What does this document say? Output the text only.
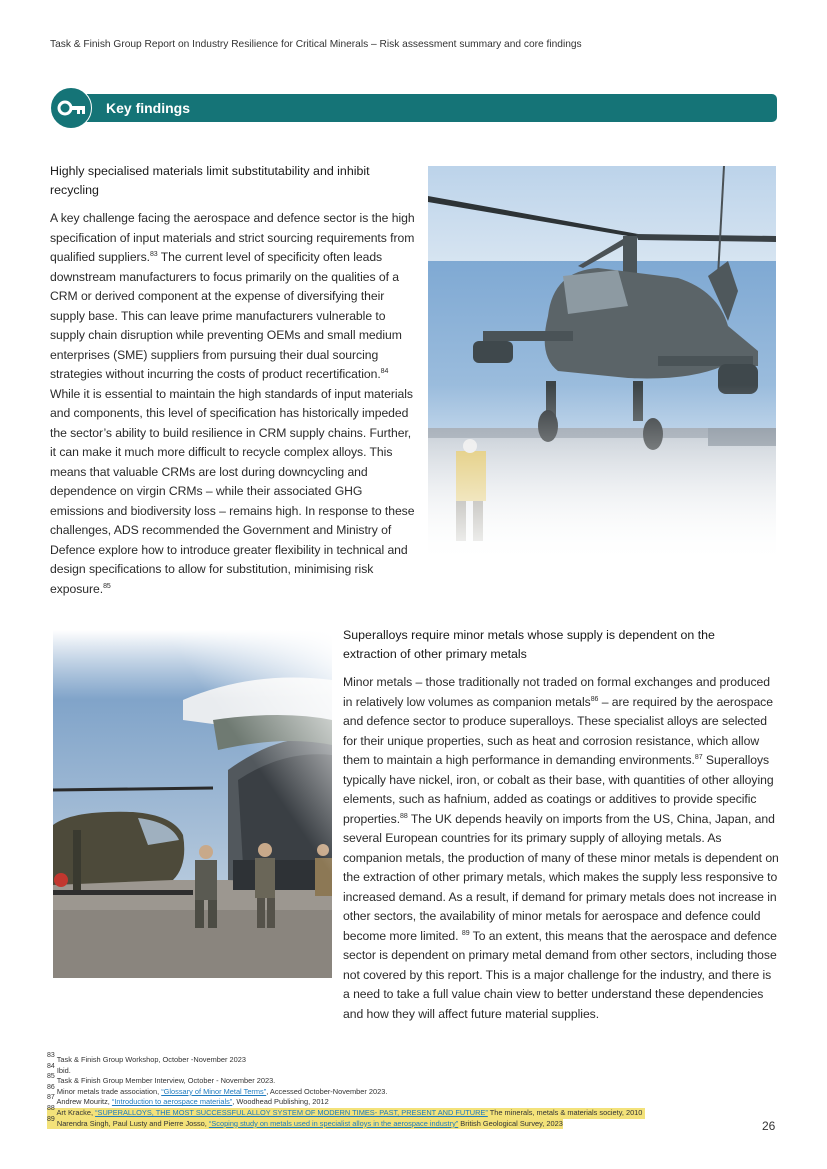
Task & Finish Group Report on Industry Resilience for Critical Minerals – Risk assessment summary and core findings
Key findings
Highly specialised materials limit substitutability and inhibit recycling

A key challenge facing the aerospace and defence sector is the high specification of input materials and strict sourcing requirements from qualified suppliers.$^{83}$ The current level of specificity often leads downstream manufacturers to focus primarily on the qualities of a CRM or derived component at the expense of diversifying their supply base. This can leave prime manufacturers vulnerable to supply chain disruption while preventing OEMs and small medium enterprises (SME) suppliers from pursuing their dual sourcing strategies without incurring the costs of product recertification.$^{84}$ While it is essential to maintain the high standards of input materials and components, this level of specification has historically impeded the sector’s ability to build resilience in CRM supply chains. Further, it can make it much more difficult to recycle complex alloys. This means that valuable CRMs are lost during downcycling and dependence on virgin CRMs – while their associated GHG emissions and biodiversity loss – remains high. In response to these challenges, ADS recommended the Government and Ministry of Defence explore how to introduce greater flexibility in technical and design specifications to allow for substitution, minimising risk exposure.$^{85}$

Superalloys require minor metals whose supply is dependent on the extraction of other primary metals

Minor metals – those traditionally not traded on formal exchanges and produced in relatively low volumes as companion metals$^{86}$ – are required by the aerospace and defence sector to produce superalloys. These specialist alloys are selected for their unique properties, such as heat and corrosion resistance, which allow them to maintain a high performance in demanding environments.$^{87}$ Superalloys typically have nickel, iron, or cobalt as their base, with quantities of other alloying elements, such as hafnium, added as coatings or additives to provide specific properties.$^{88}$ The UK depends heavily on imports from the US, China, Japan, and several European countries for its primary supply of alloying metals. As companion metals, the production of many of these minor metals is dependent on the extraction of other primary metals, which makes the supply less responsive to increased demand. As a result, if demand for primary metals does not increase in other sectors, the availability of minor metals for aerospace and defence could become more limited. $^{89}$ To an extent, this means that the aerospace and defence sector is dependent on primary metal demand from other sectors, including those not covered by this report. This is a major challenge for the industry, and there is a need to take a full value chain view to better understand these dependencies and how they will affect future material supplies.

$^{83}$ Task & Finish Group Workshop, October -November 2023
$^{84}$ Ibid.
$^{85}$ Task & Finish Group Member Interview, October - November 2023.
$^{86}$ Minor metals trade association, “Glossary of Minor Metal Terms”, Accessed October-November 2023.
$^{87}$ Andrew Mouritz, “Introduction to aerospace materials”, Woodhead Publishing, 2012
$^{88}$ Art Kracke, “SUPERALLOYS, THE MOST SUCCESSFUL ALLOY SYSTEM OF MODERN TIMES- PAST, PRESENT AND FUTURE” The minerals, metals & materials society, 2010 $^{89}$ Narendra Singh, Paul Lusty and Pierre Josso, “Scoping study on metals used in specialist alloys in the aerospace industry” British Geological Survey, 2023	26
